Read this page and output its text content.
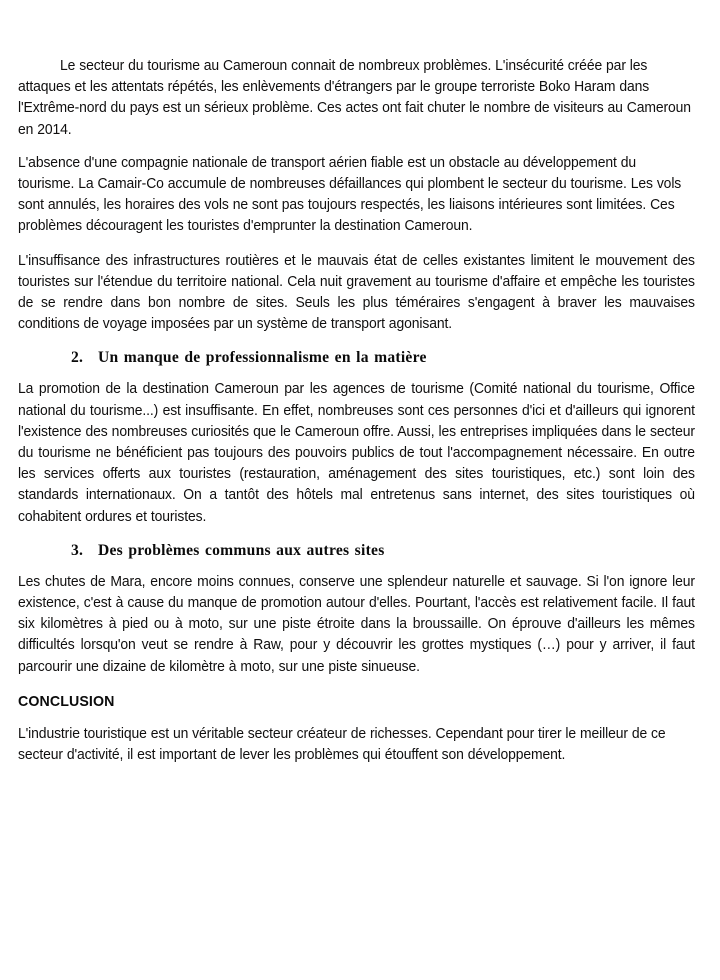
Le secteur du tourisme au Cameroun connait de nombreux problèmes. L'insécurité créée par les attaques et les attentats répétés, les enlèvements d'étrangers par le groupe terroriste Boko Haram dans l'Extrême-nord du pays est un sérieux problème. Ces actes ont fait chuter le nombre de visiteurs au Cameroun en 2014.

L'absence d'une compagnie nationale de transport aérien fiable est un obstacle au développement du tourisme. La Camair-Co accumule de nombreuses défaillances qui plombent le secteur du tourisme. Les vols sont annulés, les horaires des vols ne sont pas toujours respectés, les liaisons intérieures sont limitées. Ces problèmes découragent les touristes d'emprunter la destination Cameroun.

L'insuffisance des infrastructures routières et le mauvais état de celles existantes limitent le mouvement des touristes sur l'étendue du territoire national. Cela nuit gravement au tourisme d'affaire et empêche les touristes de se rendre dans bon nombre de sites. Seuls les plus téméraires s'engagent à braver les mauvaises conditions de voyage imposées par un système de transport agonisant.

2. Un manque de professionnalisme en la matière

La promotion de la destination Cameroun par les agences de tourisme (Comité national du tourisme, Office national du tourisme...) est insuffisante. En effet, nombreuses sont ces personnes d'ici et d'ailleurs qui ignorent l'existence des nombreuses curiosités que le Cameroun offre. Aussi, les entreprises impliquées dans le secteur du tourisme ne bénéficient pas toujours des pouvoirs publics de tout l'accompagnement nécessaire. En outre les services offerts aux touristes (restauration, aménagement des sites touristiques, etc.) sont loin des standards internationaux. On a tantôt des hôtels mal entretenus sans internet, des sites touristiques où cohabitent ordures et touristes.

3. Des problèmes communs aux autres sites

Les chutes de Mara, encore moins connues, conserve une splendeur naturelle et sauvage. Si l'on ignore leur existence, c'est à cause du manque de promotion autour d'elles. Pourtant, l'accès est relativement facile. Il faut six kilomètres à pied ou à moto, sur une piste étroite dans la broussaille. On éprouve d'ailleurs les mêmes difficultés lorsqu'on veut se rendre à Raw, pour y découvrir les grottes mystiques (…) pour y arriver, il faut parcourir une dizaine de kilomètre à moto, sur une piste sinueuse.

CONCLUSION

L'industrie touristique est un véritable secteur créateur de richesses. Cependant pour tirer le meilleur de ce secteur d'activité, il est important de lever les problèmes qui étouffent son développement.
